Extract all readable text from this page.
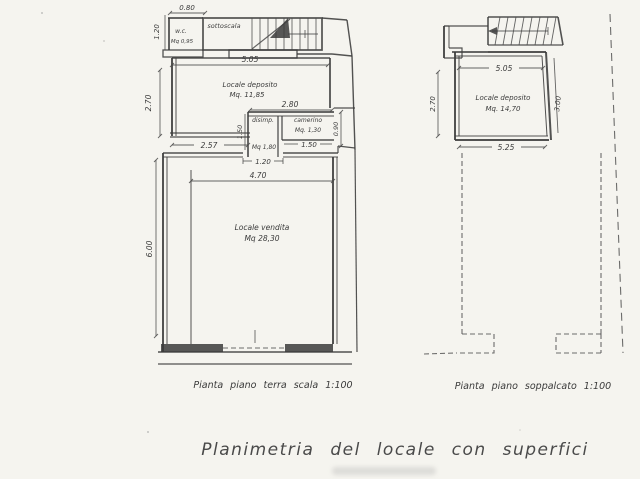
0.80
1.20
5.05
2.70
2.57
2.80
1.50
1.50
0.90
1.20
4.70
6.00
sottoscala
w.c.
Mq 0,95
Locale deposito
Mq. 11,85
disimp.
Mq 1,80
camerino
Mq. 1,30
Locale vendita
Mq 28,30
Pianta piano terra scala 1:100
5.05
2.70	3.00
5.25
Locale deposito
Mq. 14,70
Pianta piano soppalcato 1:100
Planimetria del locale con superfici
